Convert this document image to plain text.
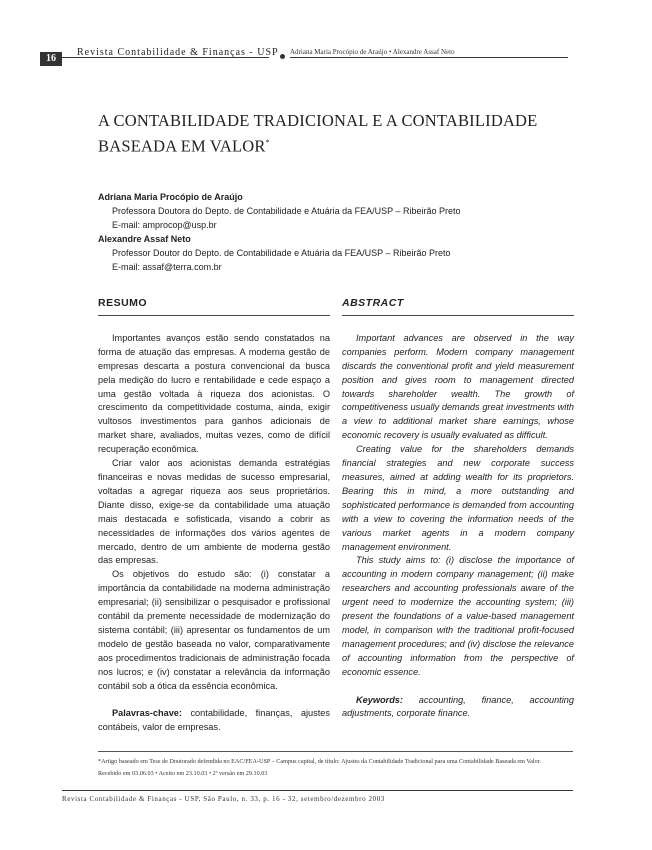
16
Revista Contabilidade & Finanças - USP Adriana Maria Procópio de Araújo • Alexandre Assaf Neto
A CONTABILIDADE TRADICIONAL E A CONTABILIDADE BASEADA EM VALOR*
Adriana Maria Procópio de Araújo
Professora Doutora do Depto. de Contabilidade e Atuária da FEA/USP – Ribeirão Preto
E-mail: amprocop@usp.br
Alexandre Assaf Neto
Professor Doutor do Depto. de Contabilidade e Atuária da FEA/USP – Ribeirão Preto
E-mail: assaf@terra.com.br
RESUMO

Importantes avanços estão sendo constatados na forma de atuação das empresas. A moderna gestão de empresas descarta a postura convencional da busca pela medição do lucro e rentabilidade e cede espaço a uma gestão voltada à riqueza dos acionistas. O crescimento da competitividade costuma, ainda, exigir vultosos investimentos para ganhos adicionais de market share, avaliados, muitas vezes, como de difícil recuperação econômica.

Criar valor aos acionistas demanda estratégias financeiras e novas medidas de sucesso empresarial, voltadas a agregar riqueza aos seus proprietários. Diante disso, exige-se da contabilidade uma atuação mais destacada e sofisticada, visando a cobrir as necessidades de informações dos vários agentes de mercado, dentro de um ambiente de moderna gestão das empresas.

Os objetivos do estudo são: (i) constatar a importância da contabilidade na moderna administração empresarial; (ii) sensibilizar o pesquisador e profissional contábil da premente necessidade de modernização do sistema contábil; (iii) apresentar os fundamentos de um modelo de gestão baseada no valor, comparativamente aos procedimentos tradicionais de administração focada nos lucros; e (iv) constatar a relevância da informação contábil sob a ótica da essência econômica.

Palavras-chave: contabilidade, finanças, ajustes contábeis, valor de empresas.

ABSTRACT

Important advances are observed in the way companies perform. Modern company management discards the conventional profit and yield measurement position and gives room to management directed towards shareholder wealth. The growth of competitiveness usually demands great investments with a view to additional market share earnings, whose economic recovery is usually evaluated as difficult.

Creating value for the shareholders demands financial strategies and new corporate success measures, aimed at adding wealth for its proprietors. Bearing this in mind, a more outstanding and sophisticated performance is demanded from accounting with a view to covering the information needs of the various market agents in a modern company management environment.

This study aims to: (i) disclose the importance of accounting in modern company management; (ii) make researchers and accounting professionals aware of the urgent need to modernize the accounting system; (iii) present the foundations of a value-based management model, in comparison with the traditional profit-focused management procedures; and (iv) disclose the relevance of accounting information from the perspective of economic essence.

Keywords: accounting, finance, accounting adjustments, corporate finance.

*Artigo baseado em Tese de Doutorado defendida no EAC/FEA-USP – Campus capital, de título: Ajustes da Contabilidade Tradicional para uma Contabilidade Baseada em Valor.
Recebido em 03.06.03 • Aceito em 23.10.03 • 2ª versão em 29.10.03
Revista Contabilidade & Finanças - USP, São Paulo, n. 33, p. 16 - 32, setembro/dezembro 2003
